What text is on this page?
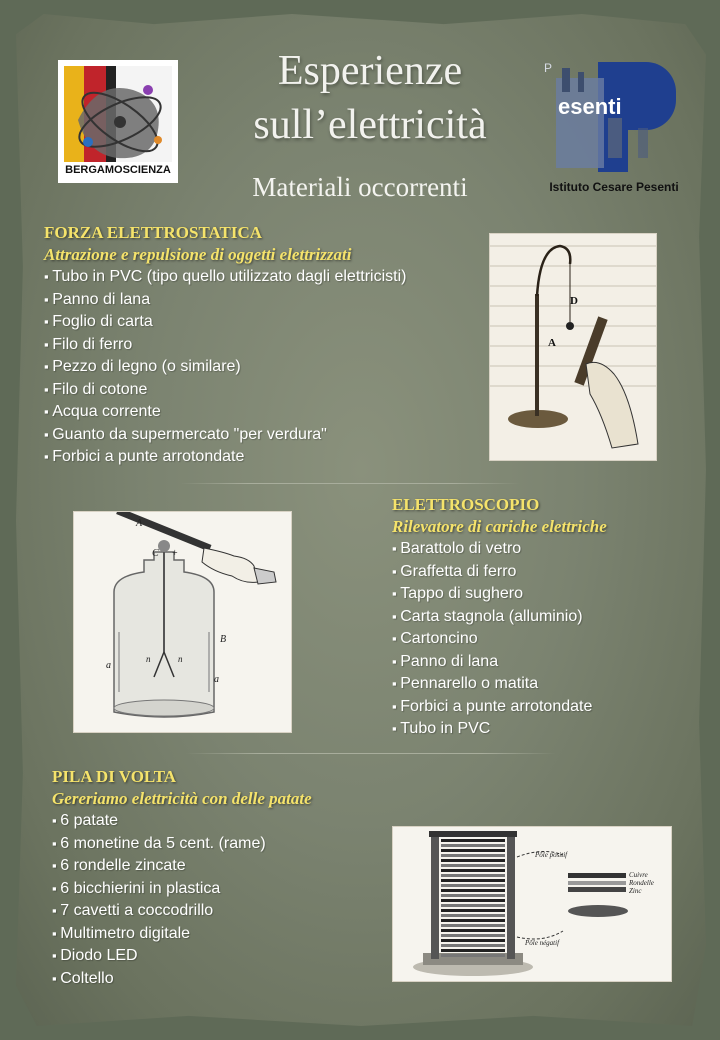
BERGAMOSCIENZA
Esperienze
sull’elettricità
Materiali occorrenti
P
esenti
Istituto Cesare Pesenti
FORZA ELETTROSTATICA
Attrazione e repulsione di oggetti elettrizzati
▪ Tubo in PVC (tipo quello utilizzato dagli elettricisti)
▪ Panno di lana
▪ Foglio di carta
▪ Filo di ferro
▪ Pezzo di legno (o similare)
▪ Filo di cotone
▪ Acqua corrente
▪ Guanto da supermercato "per verdura"
▪ Forbici a punte arrotondate
D
A
A
C +
B
a
n	n
a
ELETTROSCOPIO
Rilevatore di cariche elettriche
▪ Barattolo di vetro
▪ Graffetta di ferro
▪ Tappo di sughero
▪ Carta stagnola (alluminio)
▪ Cartoncino
▪ Panno di lana
▪ Pennarello o matita
▪ Forbici a punte arrotondate
▪ Tubo in PVC
PILA DI VOLTA
Gereriamo elettricità con delle patate
▪ 6 patate
▪ 6 monetine da 5 cent. (rame)
▪ 6 rondelle zincate
▪ 6 bicchierini in plastica
▪ 7 cavetti a coccodrillo
▪ Multimetro digitale
▪ Diodo LED
▪ Coltello
Pôle positif
Cuivre
Rondelle
Zinc
Pôle négatif
